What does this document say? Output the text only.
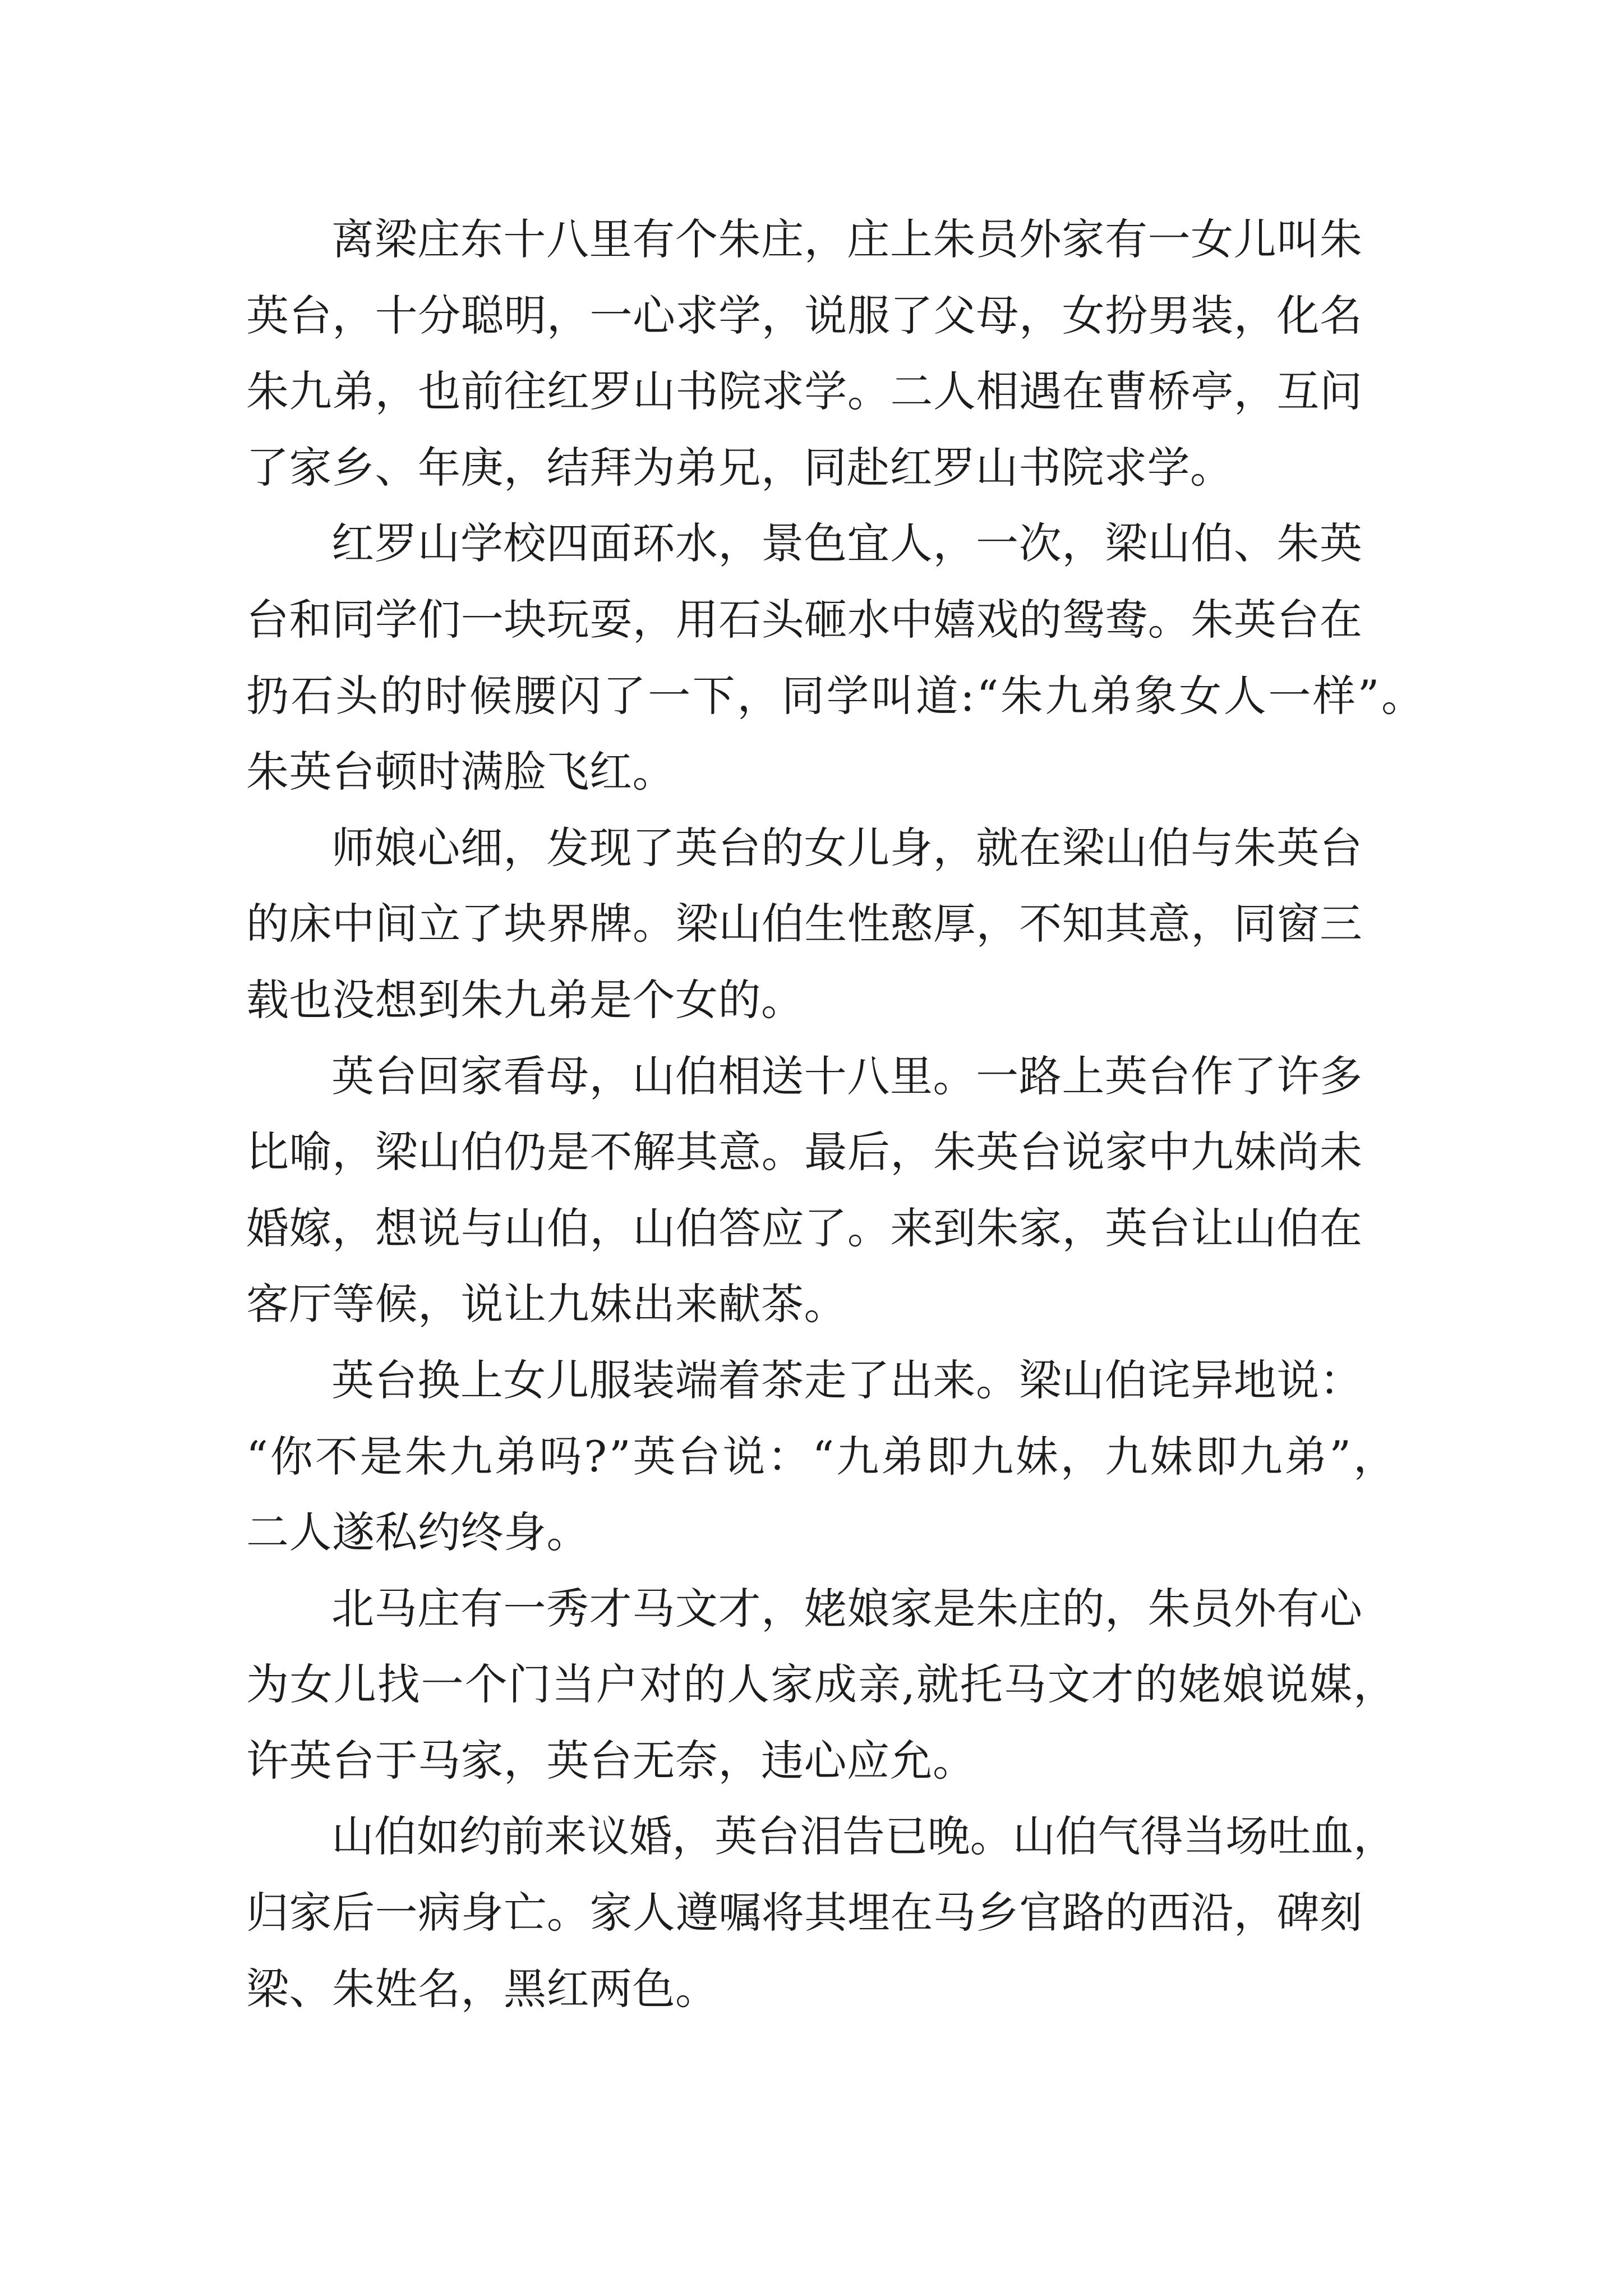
离梁庄东十八里有个朱庄，庄上朱员外家有一女儿叫朱
英台，十分聪明，一心求学，说服了父母，女扮男装，化名
朱九弟，也前往红罗山书院求学。二人相遇在曹桥亭，互问
了家乡、年庚，结拜为弟兄，同赴红罗山书院求学。
红罗山学校四面环水，景色宜人，一次，梁山伯、朱英
台和同学们一块玩耍，用石头砸水中嬉戏的鸳鸯。朱英台在
扔石头的时候腰闪了一下，同学叫道:“朱九弟象女人一样”。
朱英台顿时满脸飞红。
师娘心细，发现了英台的女儿身，就在梁山伯与朱英台
的床中间立了块界牌。梁山伯生性憨厚，不知其意，同窗三
载也没想到朱九弟是个女的。
英台回家看母，山伯相送十八里。一路上英台作了许多
比喻，梁山伯仍是不解其意。最后，朱英台说家中九妹尚未
婚嫁，想说与山伯，山伯答应了。来到朱家，英台让山伯在
客厅等候，说让九妹出来献茶。
英台换上女儿服装端着茶走了出来。梁山伯诧异地说：
“你不是朱九弟吗?”英台说：“九弟即九妹，九妹即九弟”，
二人遂私约终身。
北马庄有一秀才马文才，姥娘家是朱庄的，朱员外有心
为女儿找一个门当户对的人家成亲,就托马文才的姥娘说媒，
许英台于马家，英台无奈，违心应允。
山伯如约前来议婚，英台泪告已晚。山伯气得当场吐血，
归家后一病身亡。家人遵嘱将其埋在马乡官路的西沿，碑刻
梁、朱姓名，黑红两色。
